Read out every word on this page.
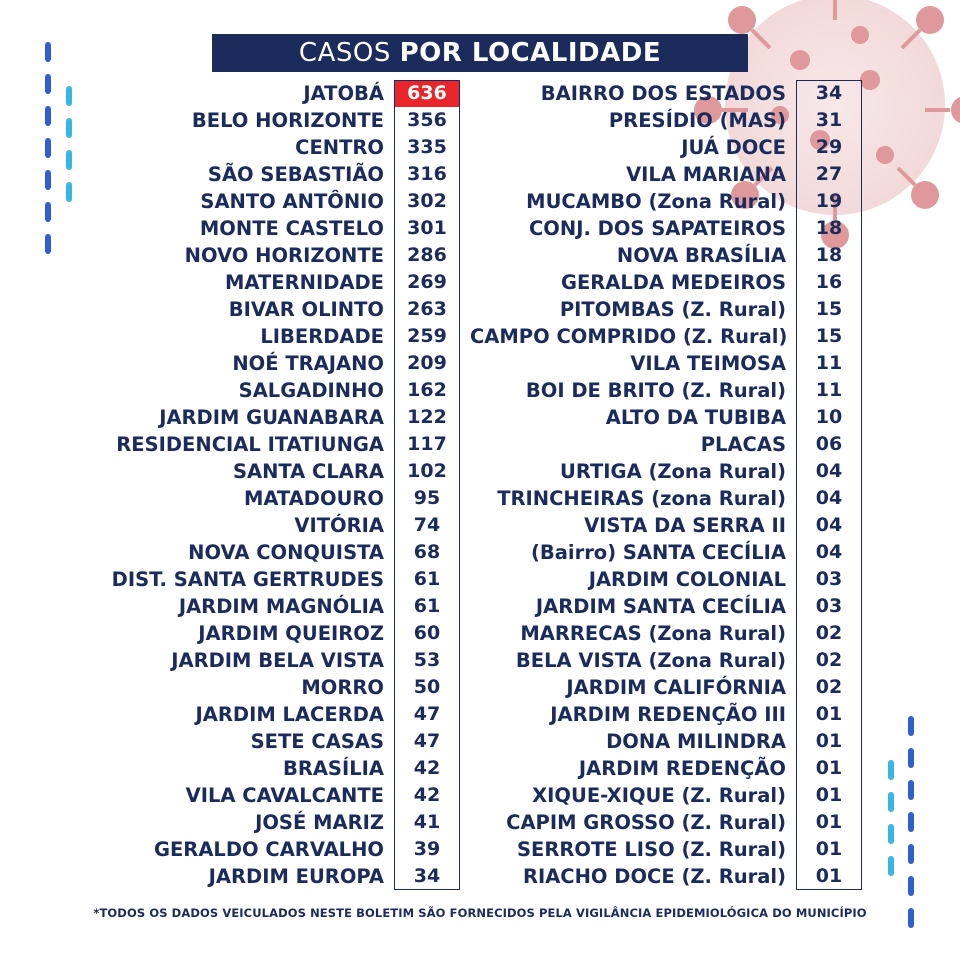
CASOS POR LOCALIDADE
JATOBÁ	636
BELO HORIZONTE	356
CENTRO	335
SÃO SEBASTIÃO	316
SANTO ANTÔNIO	302
MONTE CASTELO	301
NOVO HORIZONTE	286
MATERNIDADE	269
BIVAR OLINTO	263
LIBERDADE	259
NOÉ TRAJANO	209
SALGADINHO	162
JARDIM GUANABARA	122
RESIDENCIAL ITATIUNGA	117
SANTA CLARA	102
MATADOURO	95
VITÓRIA	74
NOVA CONQUISTA	68
DIST. SANTA GERTRUDES	61
JARDIM MAGNÓLIA	61
JARDIM QUEIROZ	60
JARDIM BELA VISTA	53
MORRO	50
JARDIM LACERDA	47
SETE CASAS	47
BRASÍLIA	42
VILA CAVALCANTE	42
JOSÉ MARIZ	41
GERALDO CARVALHO	39
JARDIM EUROPA	34
BAIRRO DOS ESTADOS	34
PRESÍDIO (MAS)	31
JUÁ DOCE	29
VILA MARIANA	27
MUCAMBO (Zona Rural)	19
CONJ. DOS SAPATEIROS	18
NOVA BRASÍLIA	18
GERALDA MEDEIROS	16
PITOMBAS (Z. Rural)	15
CAMPO COMPRIDO (Z. Rural)	15
VILA TEIMOSA	11
BOI DE BRITO (Z. Rural)	11
ALTO DA TUBIBA	10
PLACAS	06
URTIGA (Zona Rural)	04
TRINCHEIRAS (zona Rural)	04
VISTA DA SERRA II	04
(Bairro) SANTA CECÍLIA	04
JARDIM COLONIAL	03
JARDIM SANTA CECÍLIA	03
MARRECAS (Zona Rural)	02
BELA VISTA (Zona Rural)	02
JARDIM CALIFÓRNIA	02
JARDIM REDENÇÃO III	01
DONA MILINDRA	01
JARDIM REDENÇÃO	01
XIQUE-XIQUE (Z. Rural)	01
CAPIM GROSSO (Z. Rural)	01
SERROTE LISO (Z. Rural)	01
RIACHO DOCE (Z. Rural)	01
*TODOS OS DADOS VEICULADOS NESTE BOLETIM SÃO FORNECIDOS PELA VIGILÂNCIA EPIDEMIOLÓGICA DO MUNICÍPIO
